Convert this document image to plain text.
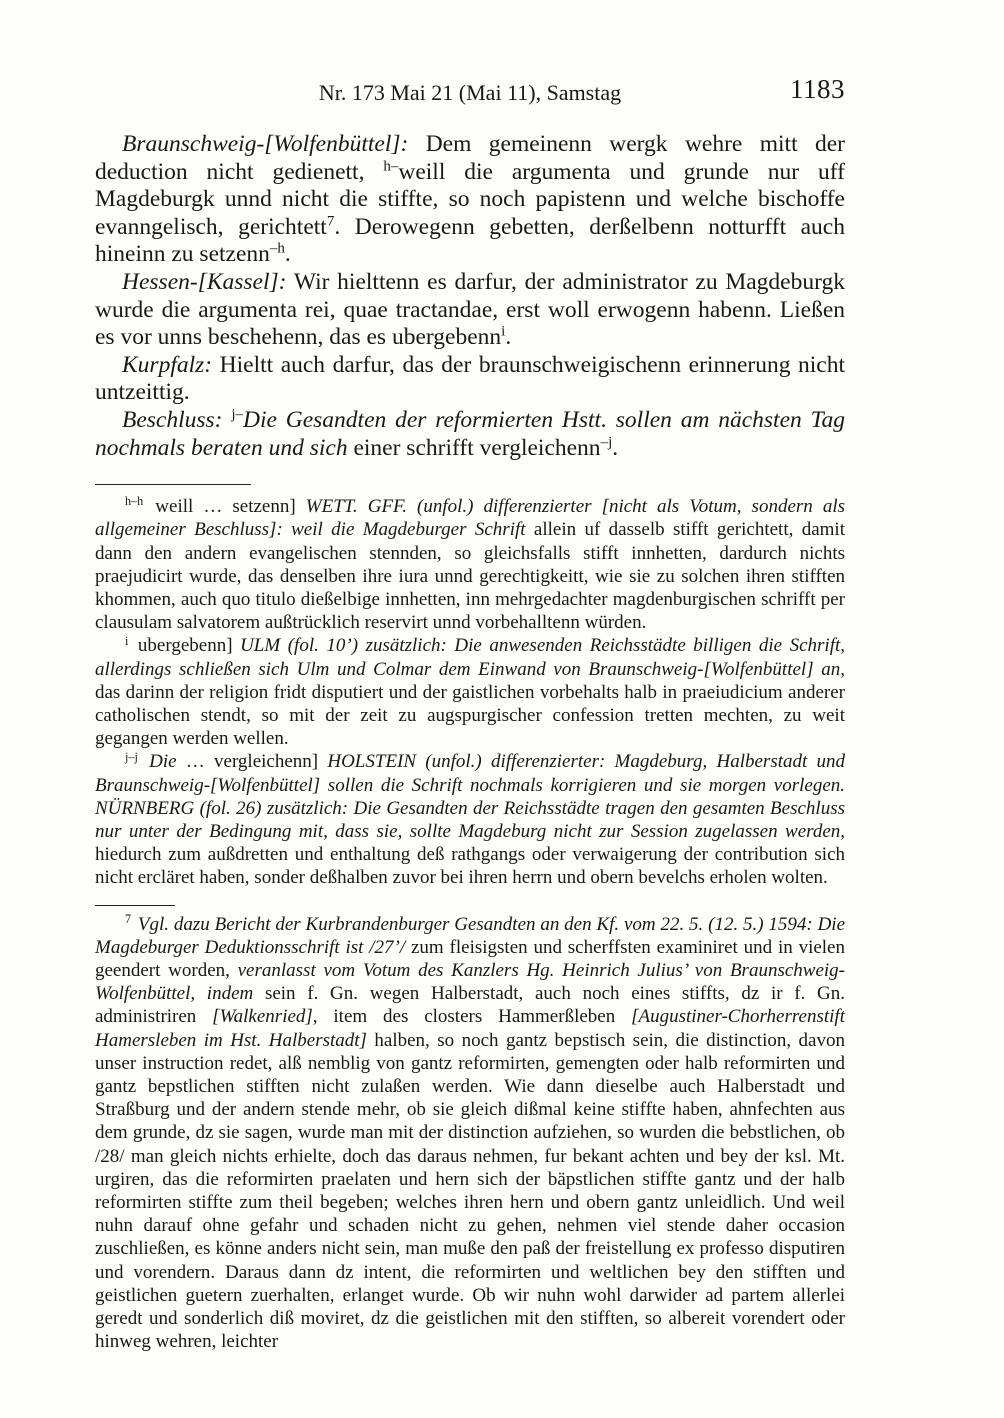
Nr. 173 Mai 21 (Mai 11), Samstag	1183

Braunschweig-[Wolfenbüttel]: Dem gemeinenn wergk wehre mitt der deduction nicht gedienett, $^{h-}$weill die argumenta und grunde nur uff Magdeburgk unnd nicht die stiffte, so noch papistenn und welche bischoffe evanngelisch, gerichtett$^7$. Derowegenn gebetten, derßelbenn notturfft auch hineinn zu setzenn$^{-h}$.

Hessen-[Kassel]: Wir hielttenn es darfur, der administrator zu Magdeburgk wurde die argumenta rei, quae tractandae, erst woll erwogenn habenn. Ließen es vor unns beschehenn, das es ubergebenn$^i$.

Kurpfalz: Hieltt auch darfur, das der braunschweigischenn erinnerung nicht untzeittig.

Beschluss: $^{j-}$Die Gesandten der reformierten Hstt. sollen am nächsten Tag nochmals beraten und sich einer schrifft vergleichenn$^{-j}$.

$^{h-h}$ weill … setzenn] WETT. GFF. (unfol.) differenzierter [nicht als Votum, sondern als allgemeiner Beschluss]: weil die Magdeburger Schrift allein uf dasselb stifft gerichtett, damit dann den andern evangelischen stennden, so gleichsfalls stifft innhetten, dardurch nichts praejudicirt wurde, das denselben ihre iura unnd gerechtigkeitt, wie sie zu solchen ihren stifften khommen, auch quo titulo dießelbige innhetten, inn mehrgedachter magdenburgischen schrifft per clausulam salvatorem außtrücklich reservirt unnd vorbehalltenn würden.

$^i$ ubergebenn] ULM (fol. 10’) zusätzlich: Die anwesenden Reichsstädte billigen die Schrift, allerdings schließen sich Ulm und Colmar dem Einwand von Braunschweig-[Wolfenbüttel] an, das darinn der religion fridt disputiert und der gaistlichen vorbehalts halb in praeiudicium anderer catholischen stendt, so mit der zeit zu augspurgischer confession tretten mechten, zu weit gegangen werden wellen.

$^{j-j}$ Die … vergleichenn] HOLSTEIN (unfol.) differenzierter: Magdeburg, Halberstadt und Braunschweig-[Wolfenbüttel] sollen die Schrift nochmals korrigieren und sie morgen vorlegen. NÜRNBERG (fol. 26) zusätzlich: Die Gesandten der Reichsstädte tragen den gesamten Beschluss nur unter der Bedingung mit, dass sie, sollte Magdeburg nicht zur Session zugelassen werden, hiedurch zum außdretten und enthaltung deß rathgangs oder verwaigerung der contribution sich nicht ercläret haben, sonder deßhalben zuvor bei ihren herrn und obern bevelchs erholen wolten.

$^7$ Vgl. dazu Bericht der Kurbrandenburger Gesandten an den Kf. vom 22. 5. (12. 5.) 1594: Die Magdeburger Deduktionsschrift ist /27’/ zum fleisigsten und scherffsten examiniret und in vielen geendert worden, veranlasst vom Votum des Kanzlers Hg. Heinrich Julius’ von Braunschweig-Wolfenbüttel, indem sein f. Gn. wegen Halberstadt, auch noch eines stiffts, dz ir f. Gn. administriren [Walkenried], item des closters Hammerßleben [Augustiner-Chorherrenstift Hamersleben im Hst. Halberstadt] halben, so noch gantz bepstisch sein, die distinction, davon unser instruction redet, alß nemblig von gantz reformirten, gemengten oder halb reformirten und gantz bepstlichen stifften nicht zulaßen werden. Wie dann dieselbe auch Halberstadt und Straßburg und der andern stende mehr, ob sie gleich dißmal keine stiffte haben, ahnfechten aus dem grunde, dz sie sagen, wurde man mit der distinction aufziehen, so wurden die bebstlichen, ob /28/ man gleich nichts erhielte, doch das daraus nehmen, fur bekant achten und bey der ksl. Mt. urgiren, das die reformirten praelaten und hern sich der bäpstlichen stiffte gantz und der halb reformirten stiffte zum theil begeben; welches ihren hern und obern gantz unleidlich. Und weil nuhn darauf ohne gefahr und schaden nicht zu gehen, nehmen viel stende daher occasion zuschließen, es könne anders nicht sein, man muße den paß der freistellung ex professo disputiren und vorendern. Daraus dann dz intent, die reformirten und weltlichen bey den stifften und geistlichen guetern zuerhalten, erlanget wurde. Ob wir nuhn wohl darwider ad partem allerlei geredt und sonderlich diß moviret, dz die geistlichen mit den stifften, so albereit vorendert oder hinweg wehren, leichter
